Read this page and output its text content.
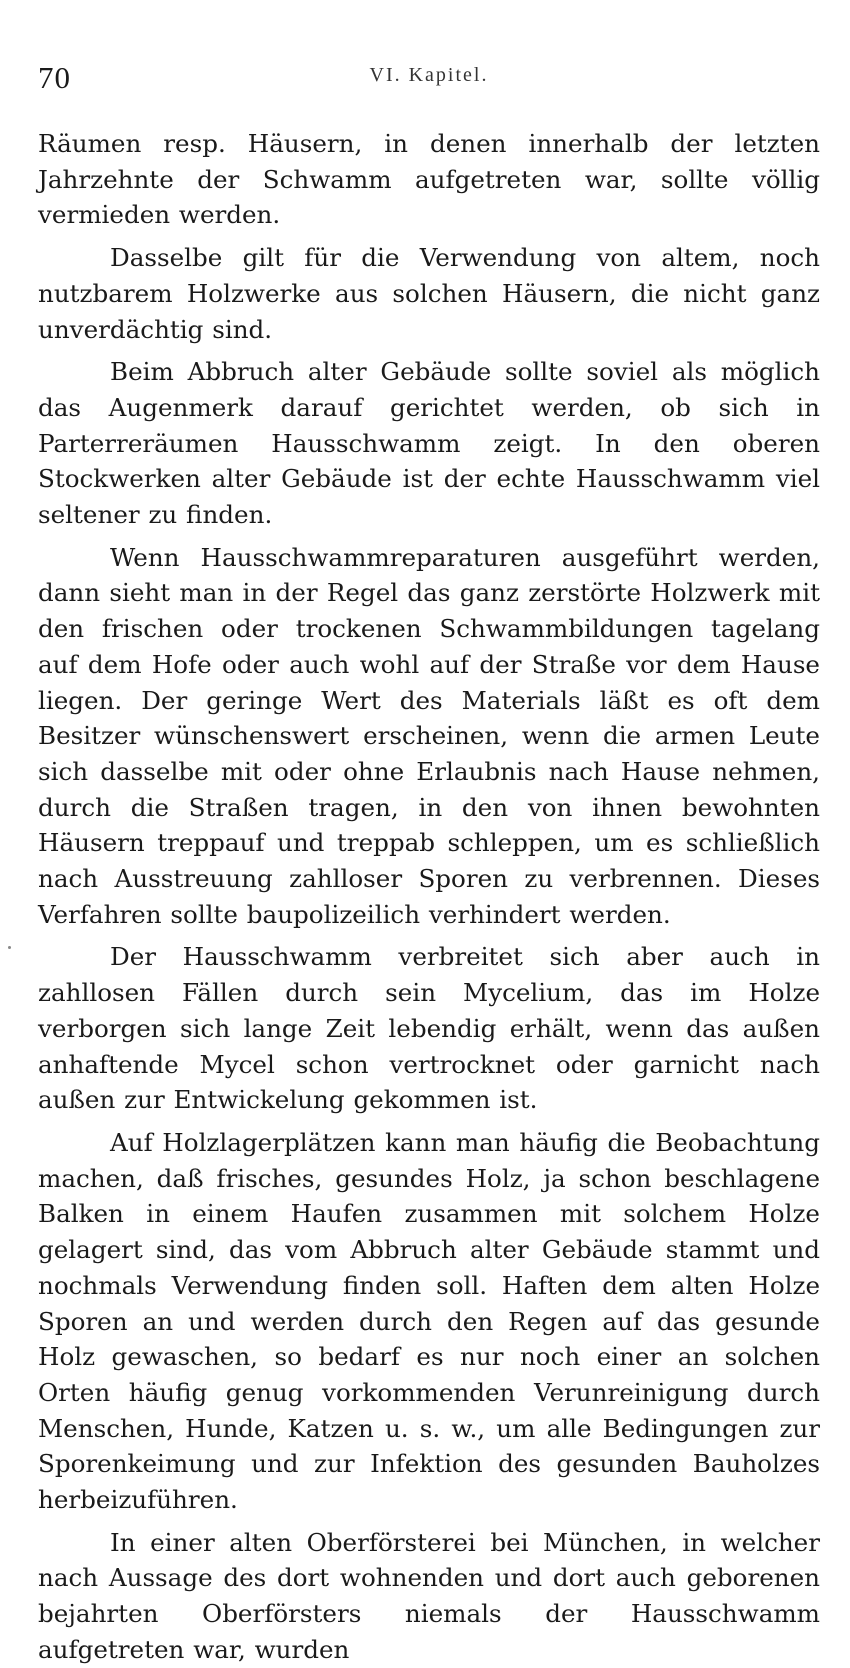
70	VI. Kapitel.

Räumen resp. Häusern, in denen innerhalb der letzten Jahrzehnte der Schwamm aufgetreten war, sollte völlig vermieden werden.

Dasselbe gilt für die Verwendung von altem, noch nutzbarem Holzwerke aus solchen Häusern, die nicht ganz unverdächtig sind.

Beim Abbruch alter Gebäude sollte soviel als möglich das Augenmerk darauf gerichtet werden, ob sich in Parterreräumen Hausschwamm zeigt. In den oberen Stockwerken alter Gebäude ist der echte Hausschwamm viel seltener zu finden.

Wenn Hausschwammreparaturen ausgeführt werden, dann sieht man in der Regel das ganz zerstörte Holzwerk mit den frischen oder trockenen Schwammbildungen tagelang auf dem Hofe oder auch wohl auf der Straße vor dem Hause liegen. Der geringe Wert des Materials läßt es oft dem Besitzer wünschenswert erscheinen, wenn die armen Leute sich dasselbe mit oder ohne Erlaubnis nach Hause nehmen, durch die Straßen tragen, in den von ihnen bewohnten Häusern treppauf und treppab schleppen, um es schließlich nach Ausstreuung zahlloser Sporen zu verbrennen. Dieses Verfahren sollte baupolizeilich verhindert werden.

Der Hausschwamm verbreitet sich aber auch in zahllosen Fällen durch sein Mycelium, das im Holze verborgen sich lange Zeit lebendig erhält, wenn das außen anhaftende Mycel schon vertrocknet oder garnicht nach außen zur Entwickelung gekommen ist.

Auf Holzlagerplätzen kann man häufig die Beobachtung machen, daß frisches, gesundes Holz, ja schon beschlagene Balken in einem Haufen zusammen mit solchem Holze gelagert sind, das vom Abbruch alter Gebäude stammt und nochmals Verwendung finden soll. Haften dem alten Holze Sporen an und werden durch den Regen auf das gesunde Holz gewaschen, so bedarf es nur noch einer an solchen Orten häufig genug vorkommenden Verunreinigung durch Menschen, Hunde, Katzen u. s. w., um alle Bedingungen zur Sporenkeimung und zur Infektion des gesunden Bauholzes herbeizuführen.

In einer alten Oberförsterei bei München, in welcher nach Aussage des dort wohnenden und dort auch geborenen bejahrten Oberförsters niemals der Hausschwamm aufgetreten war, wurden
